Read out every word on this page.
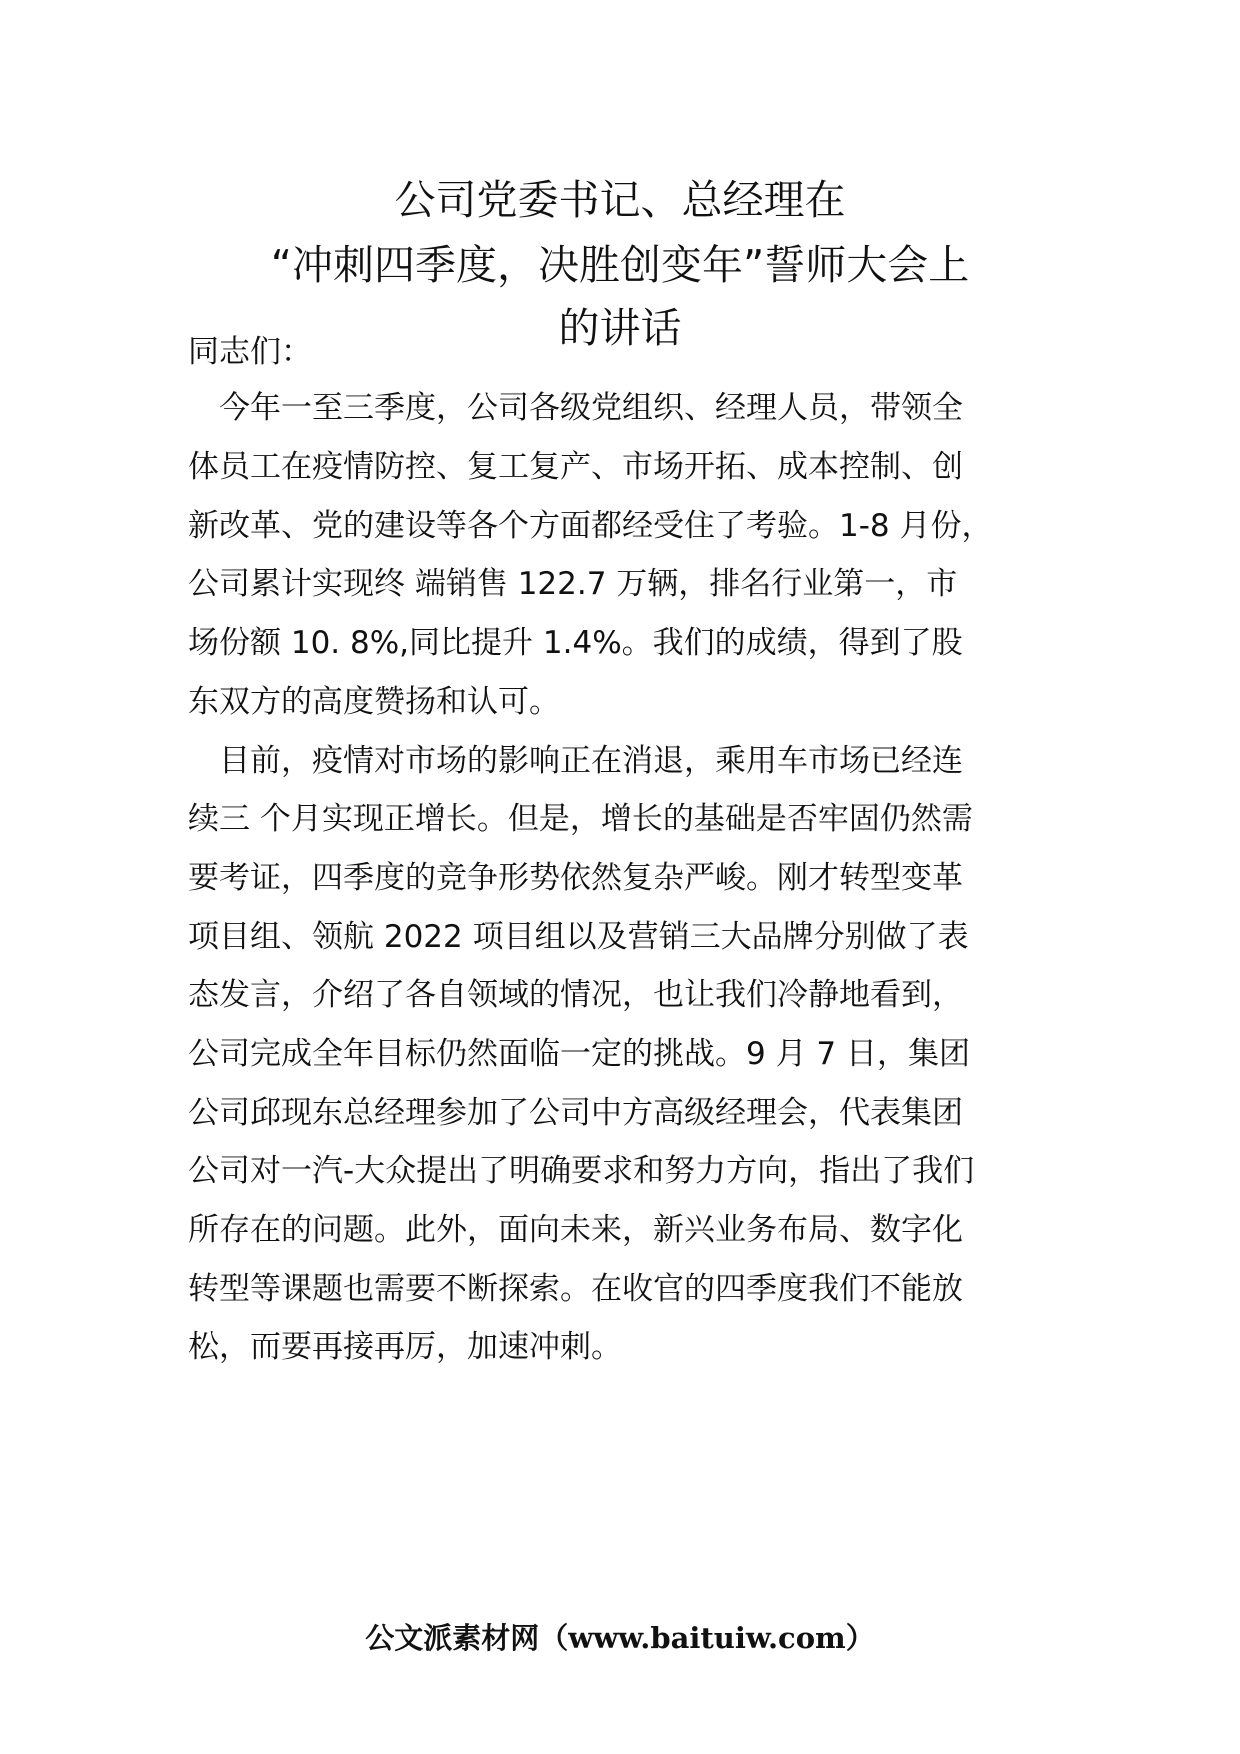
公司党委书记、总经理在
“冲刺四季度，决胜创变年”誓师大会上
的讲话
同志们：
　今年一至三季度，公司各级党组织、经理人员，带领全
体员工在疫情防控、复工复产、市场开拓、成本控制、创
新改革、党的建设等各个方面都经受住了考验。1-8 月份，
公司累计实现终 端销售 122.7 万辆，排名行业第一，市
场份额 10. 8%,同比提升 1.4%。我们的成绩，得到了股
东双方的高度赞扬和认可。
　目前，疫情对市场的影响正在消退，乘用车市场已经连
续三 个月实现正增长。但是，增长的基础是否牢固仍然需
要考证，四季度的竞争形势依然复杂严峻。刚才转型变革
项目组、领航 2022 项目组以及营销三大品牌分别做了表
态发言，介绍了各自领域的情况，也让我们冷静地看到，
公司完成全年目标仍然面临一定的挑战。9 月 7 日，集团
公司邱现东总经理参加了公司中方高级经理会，代表集团
公司对一汽-大众提出了明确要求和努力方向，指出了我们
所存在的问题。此外，面向未来，新兴业务布局、数字化
转型等课题也需要不断探索。在收官的四季度我们不能放
松，而要再接再厉，加速冲刺。
公文派素材网（www.baituiw.com）
